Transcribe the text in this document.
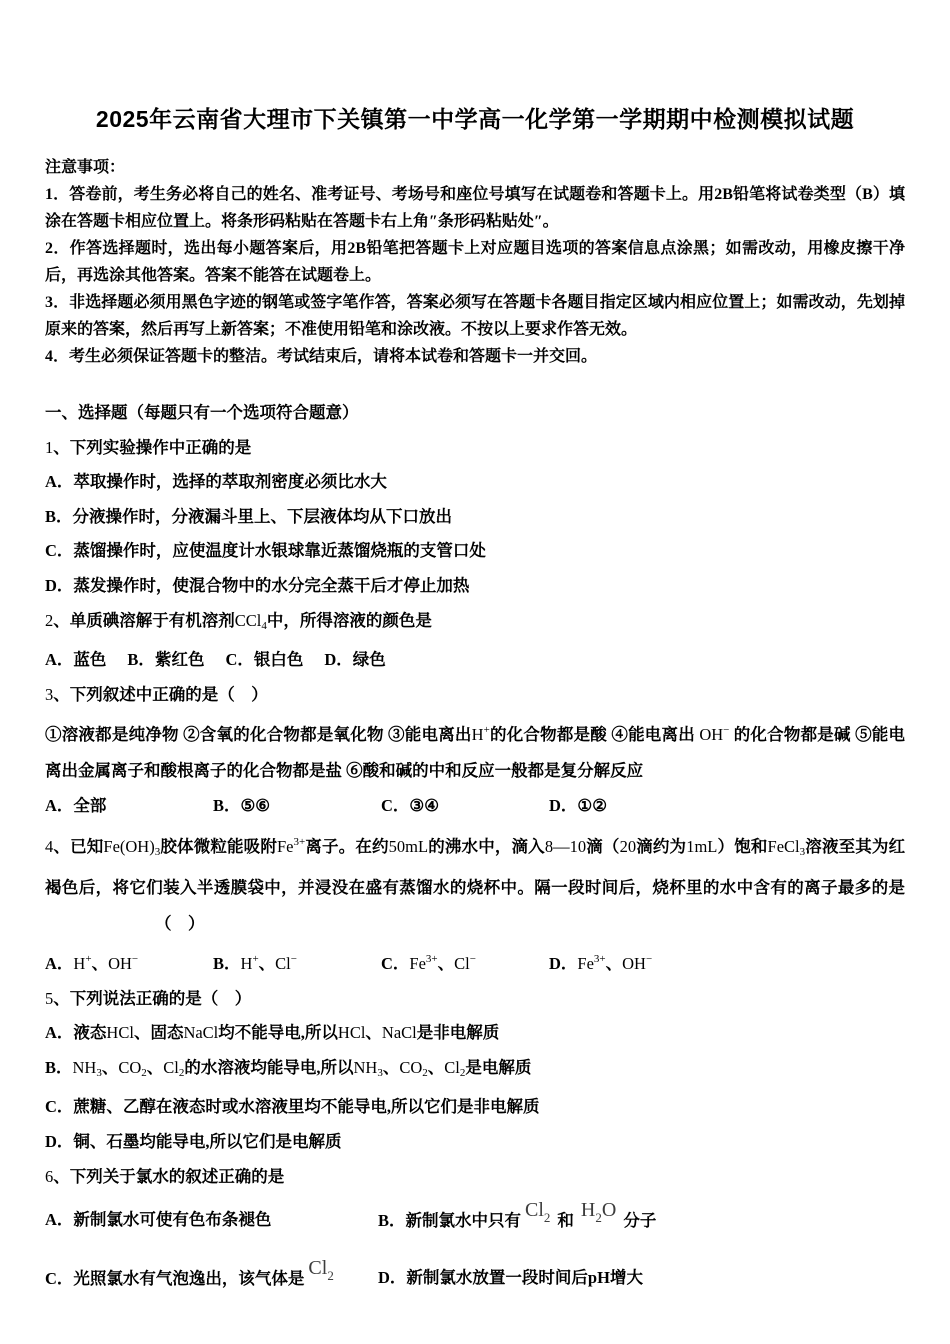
2025年云南省大理市下关镇第一中学高一化学第一学期期中检测模拟试题

注意事项：

1．答卷前，考生务必将自己的姓名、准考证号、考场号和座位号填写在试题卷和答题卡上。用2B铅笔将试卷类型（B）填涂在答题卡相应位置上。将条形码粘贴在答题卡右上角″条形码粘贴处″。

2．作答选择题时，选出每小题答案后，用2B铅笔把答题卡上对应题目选项的答案信息点涂黑；如需改动，用橡皮擦干净后，再选涂其他答案。答案不能答在试题卷上。

3．非选择题必须用黑色字迹的钢笔或签字笔作答，答案必须写在答题卡各题目指定区域内相应位置上；如需改动，先划掉原来的答案，然后再写上新答案；不准使用铅笔和涂改液。不按以上要求作答无效。

4．考生必须保证答题卡的整洁。考试结束后，请将本试卷和答题卡一并交回。

一、选择题（每题只有一个选项符合题意）

1、下列实验操作中正确的是

A．萃取操作时，选择的萃取剂密度必须比水大

B．分液操作时，分液漏斗里上、下层液体均从下口放出

C．蒸馏操作时，应使温度计水银球靠近蒸馏烧瓶的支管口处

D．蒸发操作时，使混合物中的水分完全蒸干后才停止加热

2、单质碘溶解于有机溶剂CCl$_4$中，所得溶液的颜色是

A．蓝色 B．紫红色 C．银白色 D．绿色

3、下列叙述中正确的是（　）

①溶液都是纯净物 ②含氧的化合物都是氧化物 ③能电离出H+的化合物都是酸 ④能电离出 OH− 的化合物都是碱 ⑤能电离出金属离子和酸根离子的化合物都是盐 ⑥酸和碱的中和反应一般都是复分解反应

A．全部	B．⑤⑥	C．③④	D．①②

4、已知$Fe(OH)_3$胶体微粒能吸附$Fe^{3+}$离子。在约50mL的沸水中，滴入8—10滴（20滴约为1mL）饱和FeCl$_3$溶液至其为红褐色后，将它们装入半透膜袋中，并浸没在盛有蒸馏水的烧杯中。隔一段时间后，烧杯里的水中含有的离子最多的是（　）

A．H+、OH−	B．H+、Cl−	C．$Fe^{3+}$、Cl−	D．$Fe^{3+}$、OH−

5、下列说法正确的是（　）

A．液态HCl、固态NaCl均不能导电,所以HCl、NaCl是非电解质

B．$NH_3$、$CO_2$、$Cl_2$的水溶液均能导电,所以$NH_3$、$CO_2$、$Cl_2$是电解质

C．蔗糖、乙醇在液态时或水溶液里均不能导电,所以它们是非电解质

D．铜、石墨均能导电,所以它们是电解质

6、下列关于氯水的叙述正确的是

A．新制氯水可使有色布条褪色	B．新制氯水中只有 Cl2 和 H2O 分子
C．光照氯水有气泡逸出，该气体是 Cl2	D．新制氯水放置一段时间后pH增大
